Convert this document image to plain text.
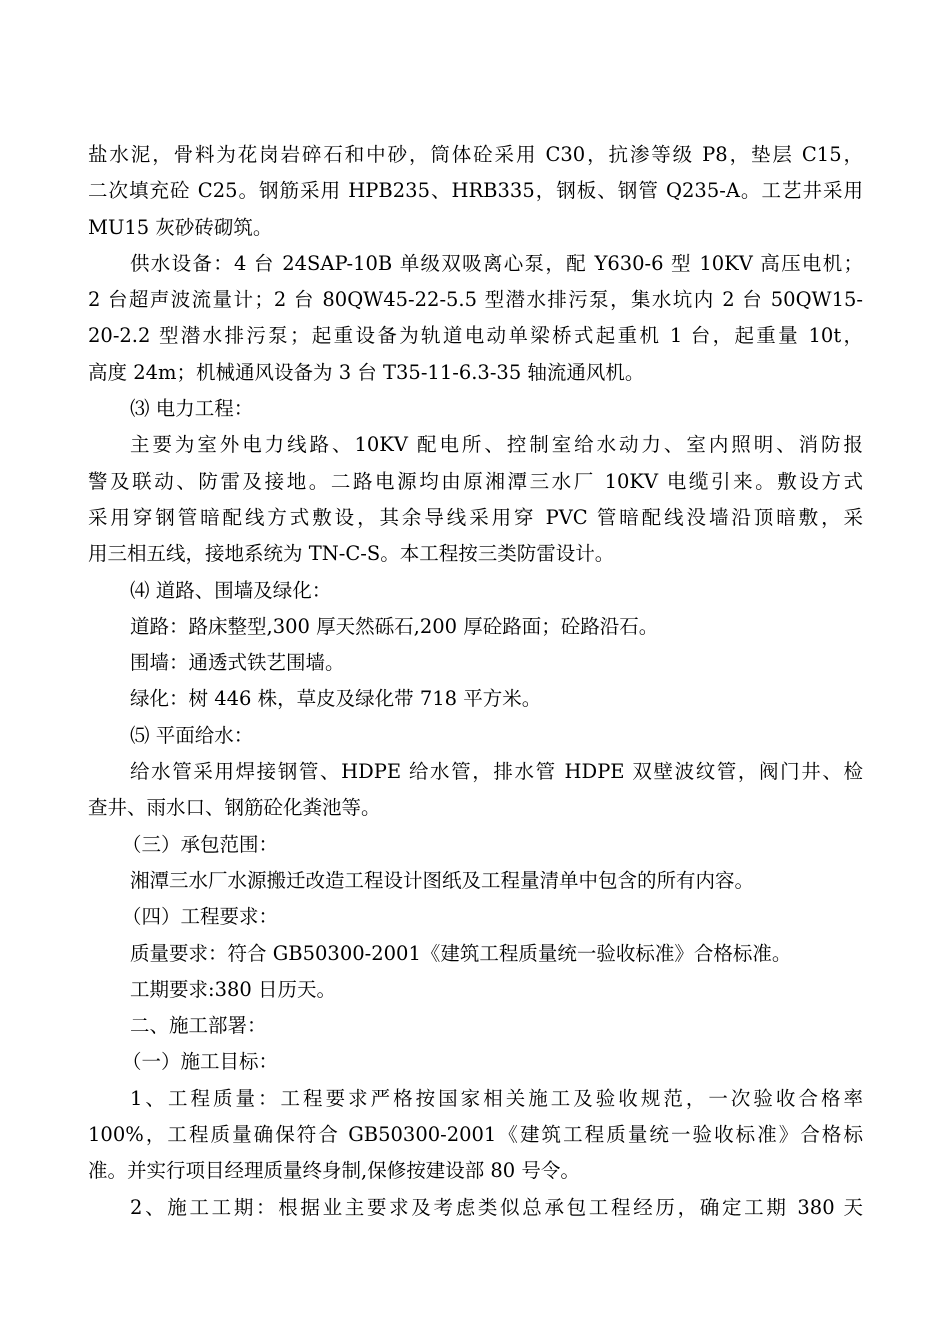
盐水泥，骨料为花岗岩碎石和中砂，筒体砼采用 C30，抗渗等级 P8，垫层 C15，
二次填充砼 C25。钢筋采用 HPB235、HRB335，钢板、钢管 Q235-A。工艺井采用
MU15 灰砂砖砌筑。
供水设备：4 台 24SAP-10B 单级双吸离心泵，配 Y630-6 型 10KV 高压电机；
2 台超声波流量计；2 台 80QW45-22-5.5 型潜水排污泵，集水坑内 2 台 50QW15-
20-2.2 型潜水排污泵；起重设备为轨道电动单梁桥式起重机 1 台，起重量 10t，
高度 24m；机械通风设备为 3 台 T35-11-6.3-35 轴流通风机。
⑶ 电力工程：
主要为室外电力线路、10KV 配电所、控制室给水动力、室内照明、消防报
警及联动、防雷及接地。二路电源均由原湘潭三水厂 10KV 电缆引来。敷设方式
采用穿钢管暗配线方式敷设，其余导线采用穿 PVC 管暗配线没墙沿顶暗敷，采
用三相五线，接地系统为 TN-C-S。本工程按三类防雷设计。
⑷ 道路、围墙及绿化：
道路：路床整型,300 厚天然砾石,200 厚砼路面；砼路沿石。
围墙：通透式铁艺围墙。
绿化：树 446 株，草皮及绿化带 718 平方米。
⑸ 平面给水：
给水管采用焊接钢管、HDPE 给水管，排水管 HDPE 双壁波纹管，阀门井、检
查井、雨水口、钢筋砼化粪池等。
（三）承包范围：
湘潭三水厂水源搬迁改造工程设计图纸及工程量清单中包含的所有内容。
（四）工程要求：
质量要求：符合 GB50300-2001《建筑工程质量统一验收标准》合格标准。
工期要求:380 日历天。
二、施工部署：
（一）施工目标：
1、工程质量：工程要求严格按国家相关施工及验收规范，一次验收合格率
100%，工程质量确保符合 GB50300-2001《建筑工程质量统一验收标准》合格标
准。并实行项目经理质量终身制,保修按建设部 80 号令。
2、施工工期：根据业主要求及考虑类似总承包工程经历，确定工期 380 天
